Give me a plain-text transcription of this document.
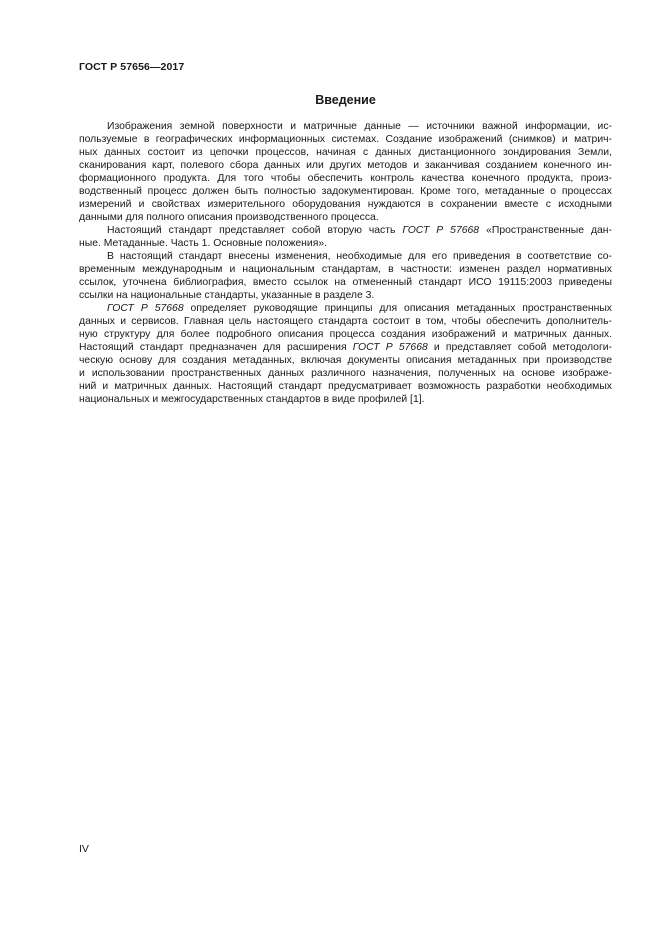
ГОСТ Р 57656—2017
Введение
Изображения земной поверхности и матричные данные — источники важной информации, ис-
пользуемые в географических информационных системах. Создание изображений (снимков) и матрич-
ных данных состоит из цепочки процессов, начиная с данных дистанционного зондирования Земли,
сканирования карт, полевого сбора данных или других методов и заканчивая созданием конечного ин-
формационного продукта. Для того чтобы обеспечить контроль качества конечного продукта, произ-
водственный процесс должен быть полностью задокументирован. Кроме того, метаданные о процессах
измерений и свойствах измерительного оборудования нуждаются в сохранении вместе с исходными
данными для полного описания производственного процесса.
Настоящий стандарт представляет собой вторую часть ГОСТ Р 57668 «Пространственные дан-
ные. Метаданные. Часть 1. Основные положения».
В настоящий стандарт внесены изменения, необходимые для его приведения в соответствие со-
временным международным и национальным стандартам, в частности: изменен раздел нормативных
ссылок, уточнена библиография, вместо ссылок на отмененный стандарт ИСО 19115:2003 приведены
ссылки на национальные стандарты, указанные в разделе 3.
ГОСТ Р 57668 определяет руководящие принципы для описания метаданных пространственных
данных и сервисов. Главная цель настоящего стандарта состоит в том, чтобы обеспечить дополнитель-
ную структуру для более подробного описания процесса создания изображений и матричных данных.
Настоящий стандарт предназначен для расширения ГОСТ Р 57668 и представляет собой методологи-
ческую основу для создания метаданных, включая документы описания метаданных при производстве
и использовании пространственных данных различного назначения, полученных на основе изображе-
ний и матричных данных. Настоящий стандарт предусматривает возможность разработки необходимых
национальных и межгосударственных стандартов в виде профилей [1].
IV
